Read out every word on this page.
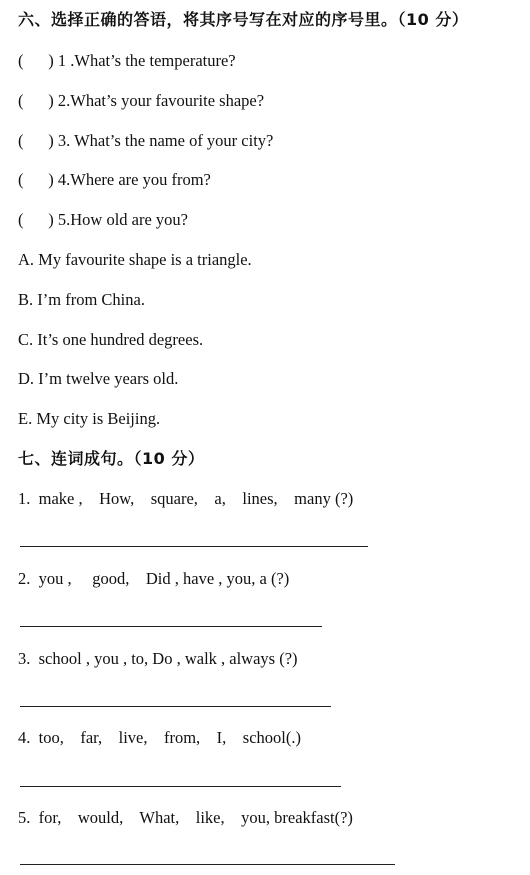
六、选择正确的答语，将其序号写在对应的序号里。（10 分）
(      ) 1 .What’s the temperature?
(      ) 2.What’s your favourite shape?
(      ) 3. What’s the name of your city?
(      ) 4.Where are you from?
(      ) 5.How old are you?
A. My favourite shape is a triangle.
B. I’m from China.
C. It’s one hundred degrees.
D. I’m twelve years old.
E. My city is Beijing.
七、连词成句。（10 分）
1.  make ,    How,    square,    a,    lines,    many (?)
2.  you ,     good,    Did , have , you, a (?)
3.  school , you , to, Do , walk , always (?)
4.  too,    far,    live,    from,    I,    school(.)
5.  for,    would,    What,    like,    you, breakfast(?)
